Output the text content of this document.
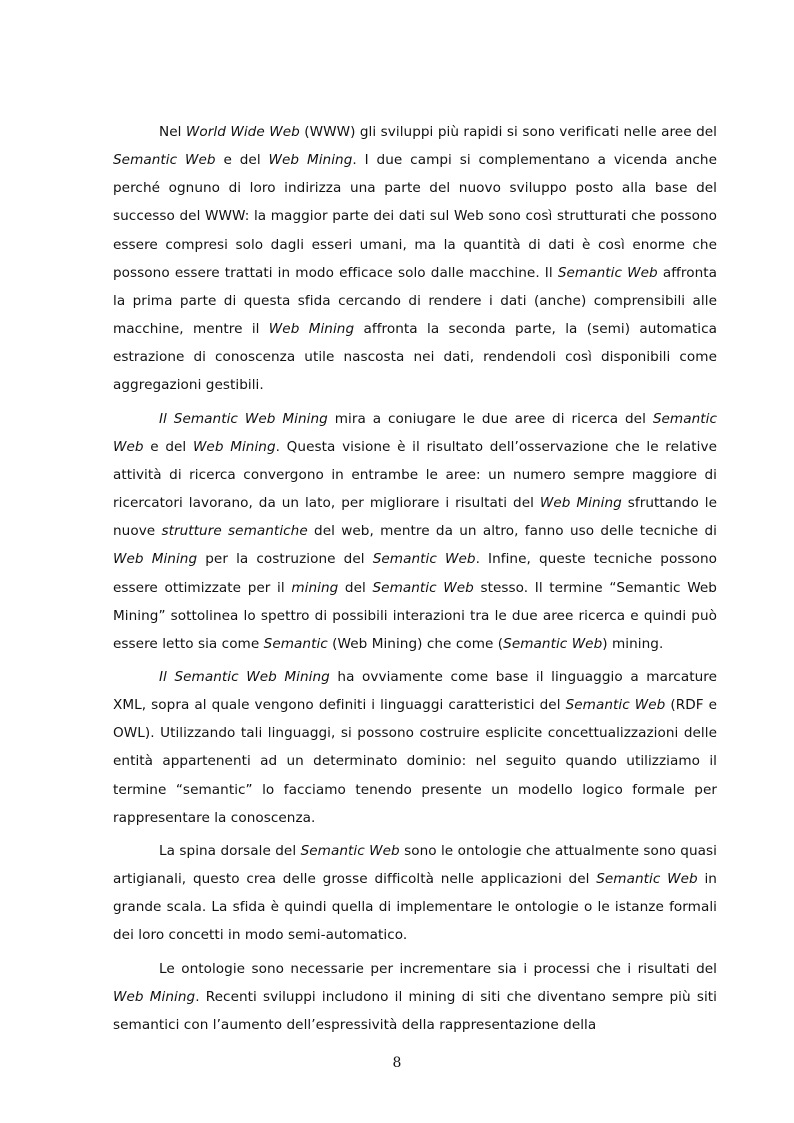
Nel World Wide Web (WWW) gli sviluppi più rapidi si sono verificati nelle aree del Semantic Web e del Web Mining. I due campi si complementano a vicenda anche perché ognuno di loro indirizza una parte del nuovo sviluppo posto alla base del successo del WWW: la maggior parte dei dati sul Web sono così strutturati che possono essere compresi solo dagli esseri umani, ma la quantità di dati è così enorme che possono essere trattati in modo efficace solo dalle macchine. Il Semantic Web affronta la prima parte di questa sfida cercando di rendere i dati (anche) comprensibili alle macchine, mentre il Web Mining affronta la seconda parte, la (semi) automatica estrazione di conoscenza utile nascosta nei dati, rendendoli così disponibili come aggregazioni gestibili.

Il Semantic Web Mining mira a coniugare le due aree di ricerca del Semantic Web e del Web Mining. Questa visione è il risultato dell’osservazione che le relative attività di ricerca convergono in entrambe le aree: un numero sempre maggiore di ricercatori lavorano, da un lato, per migliorare i risultati del Web Mining sfruttando le nuove strutture semantiche del web, mentre da un altro, fanno uso delle tecniche di Web Mining per la costruzione del Semantic Web. Infine, queste tecniche possono essere ottimizzate per il mining del Semantic Web stesso. Il termine “Semantic Web Mining” sottolinea lo spettro di possibili interazioni tra le due aree ricerca e quindi può essere letto sia come Semantic (Web Mining) che come (Semantic Web) mining.

Il Semantic Web Mining ha ovviamente come base il linguaggio a marcature XML, sopra al quale vengono definiti i linguaggi caratteristici del Semantic Web (RDF e OWL). Utilizzando tali linguaggi, si possono costruire esplicite concettualizzazioni delle entità appartenenti ad un determinato dominio: nel seguito quando utilizziamo il termine “semantic” lo facciamo tenendo presente un modello logico formale per rappresentare la conoscenza.

La spina dorsale del Semantic Web sono le ontologie che attualmente sono quasi artigianali, questo crea delle grosse difficoltà nelle applicazioni del Semantic Web in grande scala. La sfida è quindi quella di implementare le ontologie o le istanze formali dei loro concetti in modo semi-automatico.

Le ontologie sono necessarie per incrementare sia i processi che i risultati del Web Mining. Recenti sviluppi includono il mining di siti che diventano sempre più siti semantici con l’aumento dell’espressività della rappresentazione della

8
